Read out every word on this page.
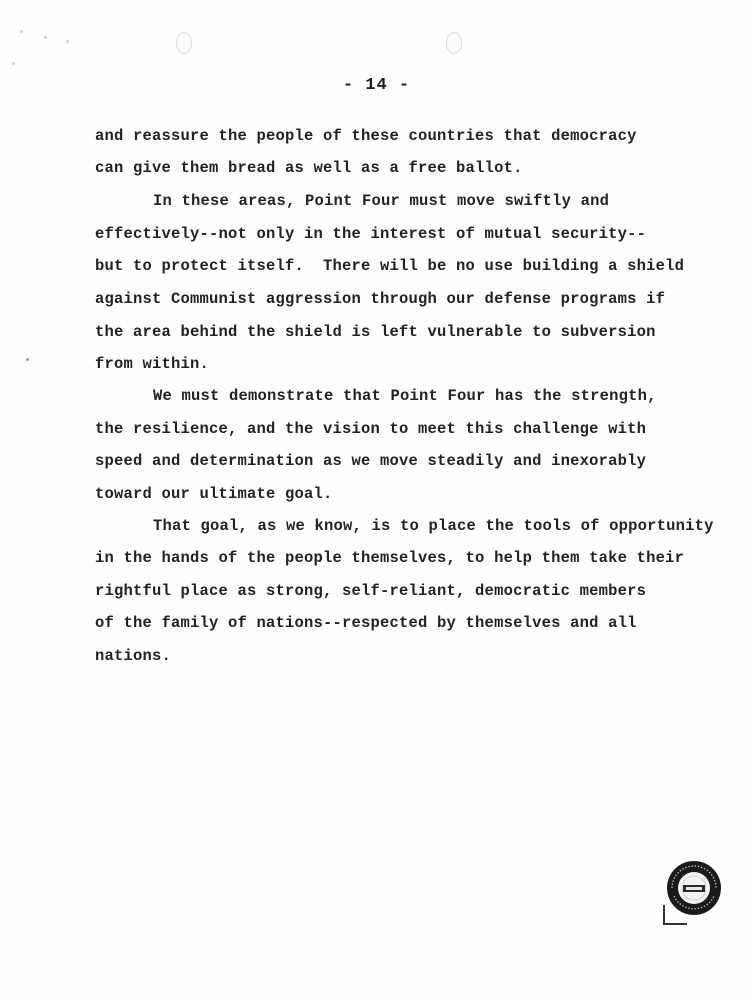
- 14 -
and reassure the people of these countries that democracy
can give them bread as well as a free ballot.
In these areas, Point Four must move swiftly and
effectively--not only in the interest of mutual security--
but to protect itself.  There will be no use building a shield
against Communist aggression through our defense programs if
the area behind the shield is left vulnerable to subversion
from within.
We must demonstrate that Point Four has the strength,
the resilience, and the vision to meet this challenge with
speed and determination as we move steadily and inexorably
toward our ultimate goal.
That goal, as we know, is to place the tools of opportunity
in the hands of the people themselves, to help them take their
rightful place as strong, self-reliant, democratic members
of the family of nations--respected by themselves and all
nations.
